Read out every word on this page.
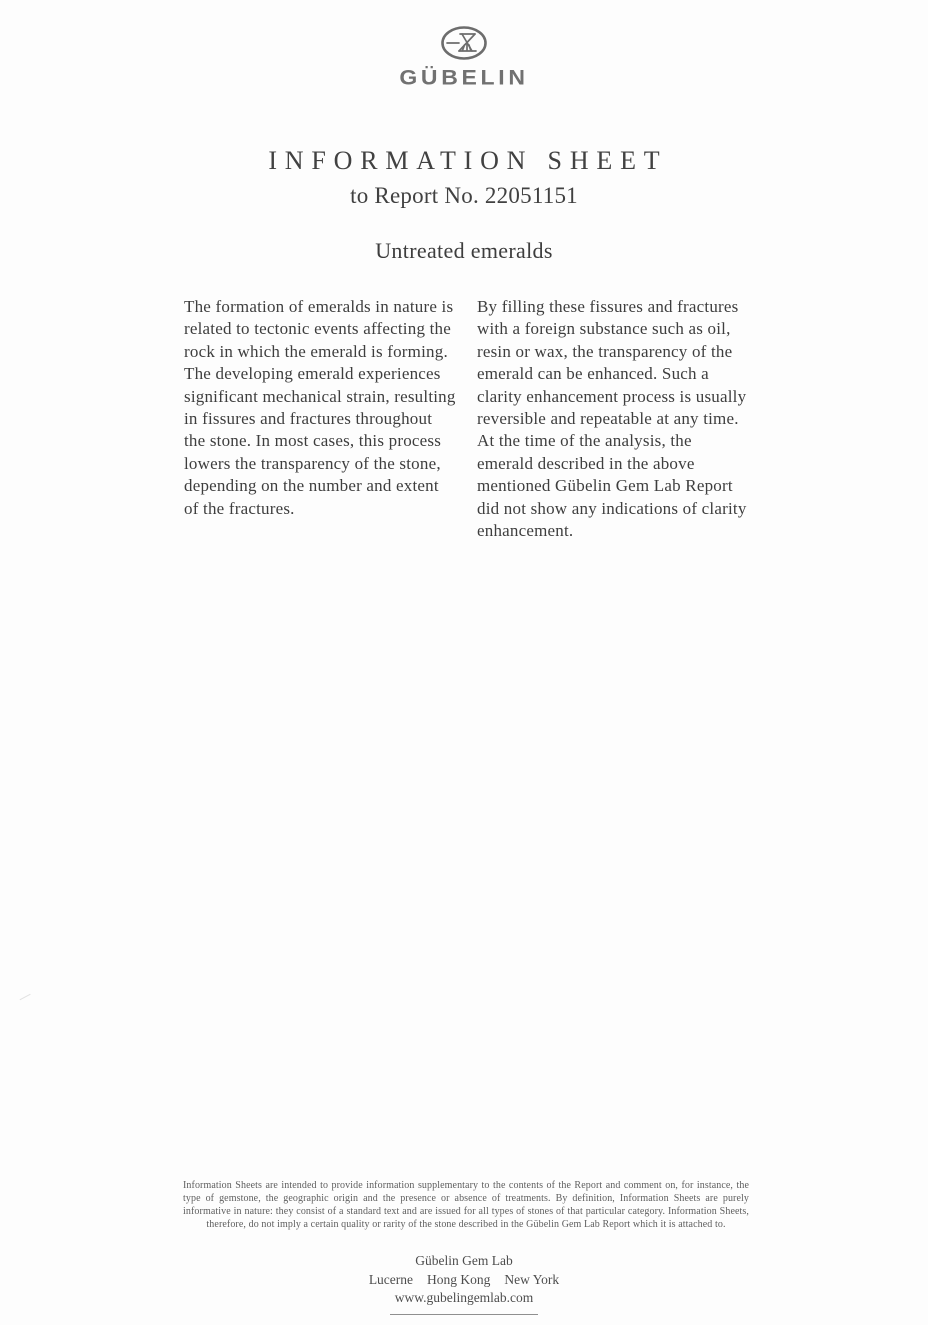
GÜBELIN
INFORMATION SHEET

to Report No. 22051151

Untreated emeralds
The formation of emeralds in nature is related to tectonic events affecting the rock in which the emerald is forming. The developing emerald experiences significant mechanical strain, resulting in fissures and fractures throughout the stone. In most cases, this process lowers the transparency of the stone, depending on the number and extent of the fractures.
By filling these fissures and fractures with a foreign substance such as oil, resin or wax, the transparency of the emerald can be enhanced. Such a clarity enhancement process is usually reversible and repeatable at any time. At the time of the analysis, the emerald described in the above mentioned Gübelin Gem Lab Report did not show any indications of clarity enhancement.

Information Sheets are intended to provide information supplementary to the contents of the Report and comment on, for instance, the type of gemstone, the geographic origin and the presence or absence of treatments. By definition, Information Sheets are purely informative in nature: they consist of a standard text and are issued for all types of stones of that particular category. Information Sheets, therefore, do not imply a certain quality or rarity of the stone described in the Gübelin Gem Lab Report which it is attached to.

Gübelin Gem Lab
Lucerne Hong Kong New York
www.gubelingemlab.com
